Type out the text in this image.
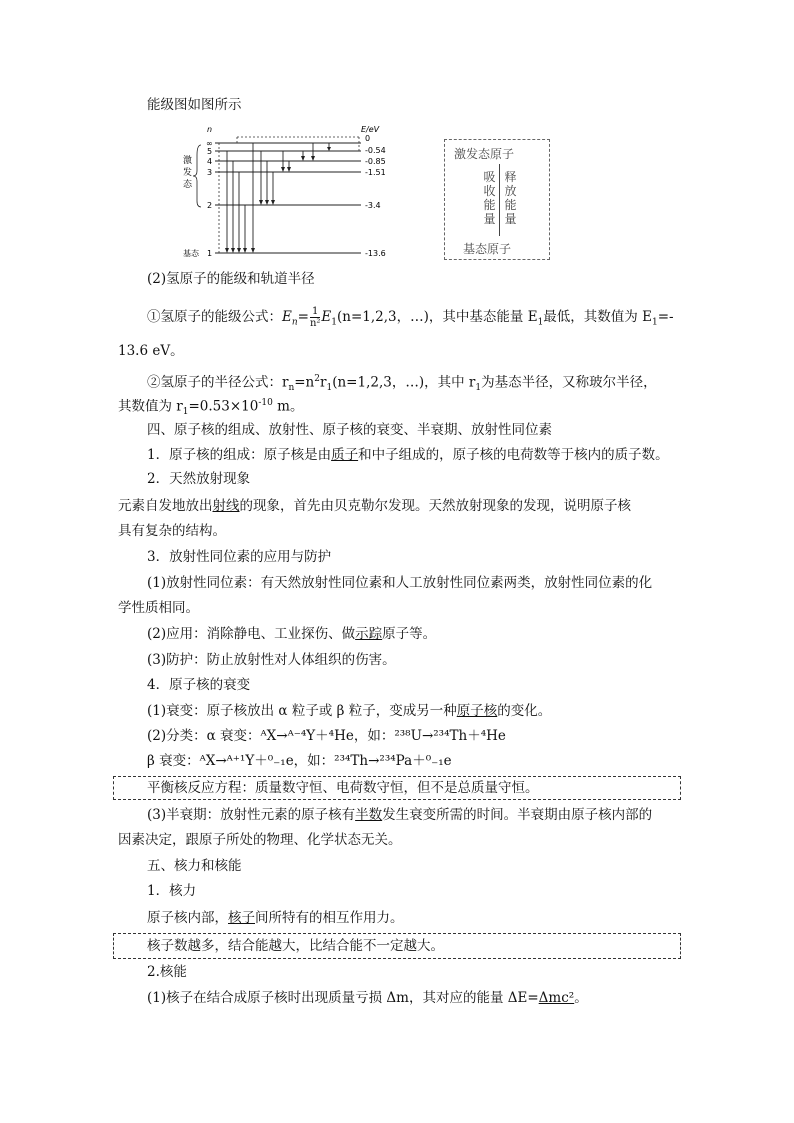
能级图如图所示
n	E/eV
∞
5
4
3
2
1
0
-0.54
-0.85
-1.51
-3.4
-13.6
激 发 态
基态
激发态原子
吸
收
能
量
释
放
能
量
基态原子
(2)氢原子的能级和轨道半径
①氢原子的能级公式：$E_n= \frac{1}{\text{n²}} E_1(n=1,2,3$，…)，其中基态能量 $E_1$最低，其数值为 $E_1=-$
13.6 eV。
②氢原子的半径公式：$r_n=n^2r_1(n=1,2,3$，…)，其中 $r_1$为基态半径，又称玻尔半径，
其数值为 $r_1=0.53\times 10^{-10}$ m。
四、原子核的组成、放射性、原子核的衰变、半衰期、放射性同位素
1．原子核的组成：原子核是由质子和中子组成的，原子核的电荷数等于核内的质子数。
2．天然放射现象
元素自发地放出射线的现象，首先由贝克勒尔发现。天然放射现象的发现，说明原子核
具有复杂的结构。
3．放射性同位素的应用与防护
(1)放射性同位素：有天然放射性同位素和人工放射性同位素两类，放射性同位素的化
学性质相同。
(2)应用：消除静电、工业探伤、做示踪原子等。
(3)防护：防止放射性对人体组织的伤害。
4．原子核的衰变
(1)衰变：原子核放出 α 粒子或 β 粒子，变成另一种原子核的变化。
(2)分类：α 衰变：ᴬX→ᴬ⁻⁴Y＋⁴He，如：²³⁸U→²³⁴Th＋⁴He
β 衰变：ᴬX→ᴬ⁺¹Y＋⁰₋₁e，如：²³⁴Th→²³⁴Pa＋⁰₋₁e
平衡核反应方程：质量数守恒、电荷数守恒，但不是总质量守恒。
(3)半衰期：放射性元素的原子核有半数发生衰变所需的时间。半衰期由原子核内部的
因素决定，跟原子所处的物理、化学状态无关。
五、核力和核能
1．核力
原子核内部，核子间所特有的相互作用力。
核子数越多，结合能越大，比结合能不一定越大。
2.核能
(1)核子在结合成原子核时出现质量亏损 Δm，其对应的能量 ΔE=Δmc²。
